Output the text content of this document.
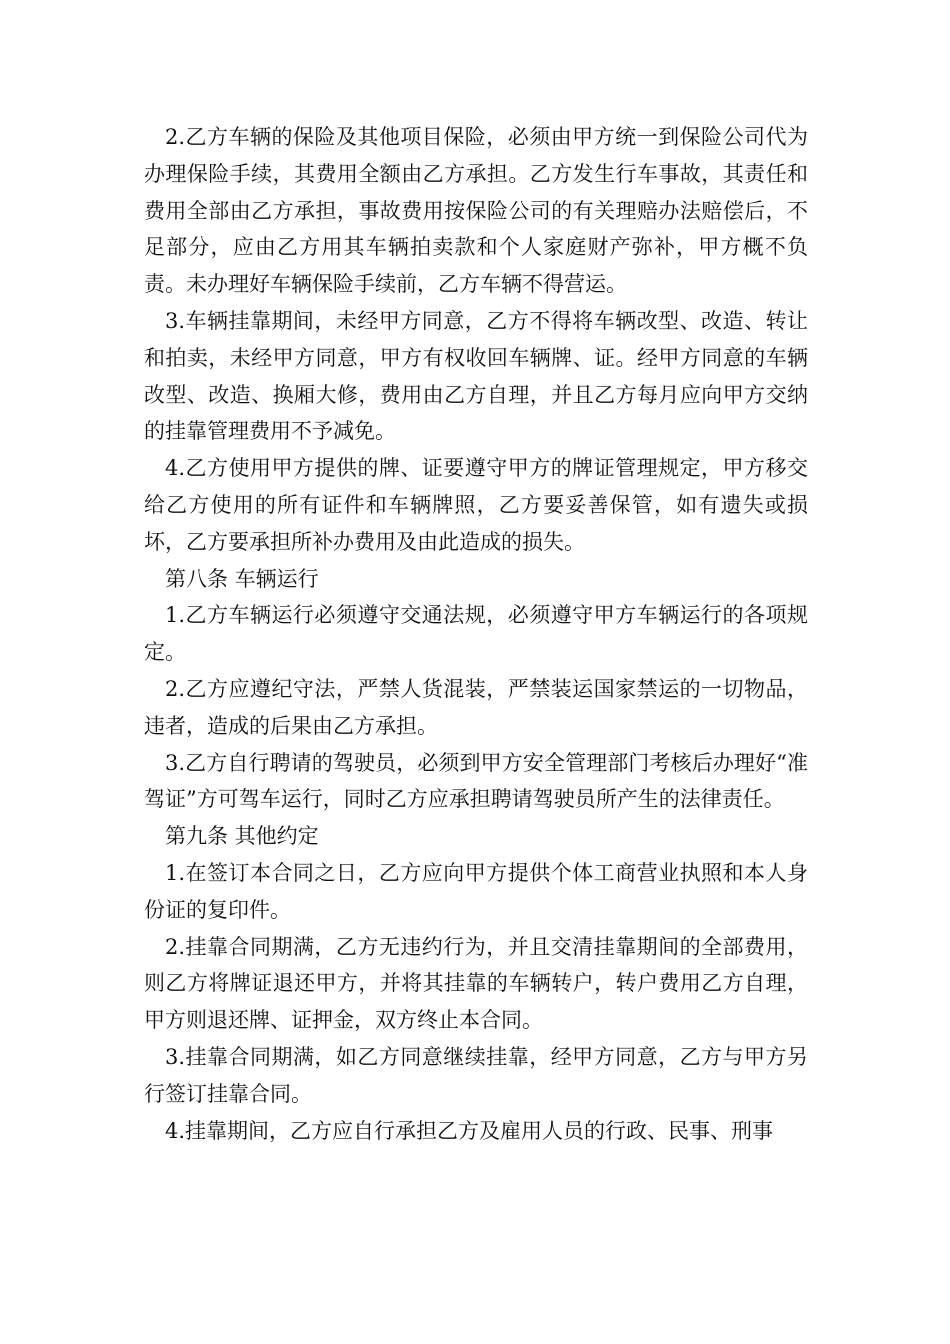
2.乙方车辆的保险及其他项目保险，必须由甲方统一到保险公司代为办理保险手续，其费用全额由乙方承担。乙方发生行车事故，其责任和费用全部由乙方承担，事故费用按保险公司的有关理赔办法赔偿后，不足部分，应由乙方用其车辆拍卖款和个人家庭财产弥补，甲方概不负责。未办理好车辆保险手续前，乙方车辆不得营运。

3.车辆挂靠期间，未经甲方同意，乙方不得将车辆改型、改造、转让和拍卖，未经甲方同意，甲方有权收回车辆牌、证。经甲方同意的车辆改型、改造、换厢大修，费用由乙方自理，并且乙方每月应向甲方交纳的挂靠管理费用不予减免。

4.乙方使用甲方提供的牌、证要遵守甲方的牌证管理规定，甲方移交给乙方使用的所有证件和车辆牌照，乙方要妥善保管，如有遗失或损坏，乙方要承担所补办费用及由此造成的损失。

第八条 车辆运行

1.乙方车辆运行必须遵守交通法规，必须遵守甲方车辆运行的各项规定。

2.乙方应遵纪守法，严禁人货混装，严禁装运国家禁运的一切物品，违者，造成的后果由乙方承担。

3.乙方自行聘请的驾驶员，必须到甲方安全管理部门考核后办理好“准驾证”方可驾车运行，同时乙方应承担聘请驾驶员所产生的法律责任。

第九条 其他约定

1.在签订本合同之日，乙方应向甲方提供个体工商营业执照和本人身份证的复印件。

2.挂靠合同期满，乙方无违约行为，并且交清挂靠期间的全部费用，则乙方将牌证退还甲方，并将其挂靠的车辆转户，转户费用乙方自理，甲方则退还牌、证押金，双方终止本合同。

3.挂靠合同期满，如乙方同意继续挂靠，经甲方同意，乙方与甲方另行签订挂靠合同。

4.挂靠期间，乙方应自行承担乙方及雇用人员的行政、民事、刑事
